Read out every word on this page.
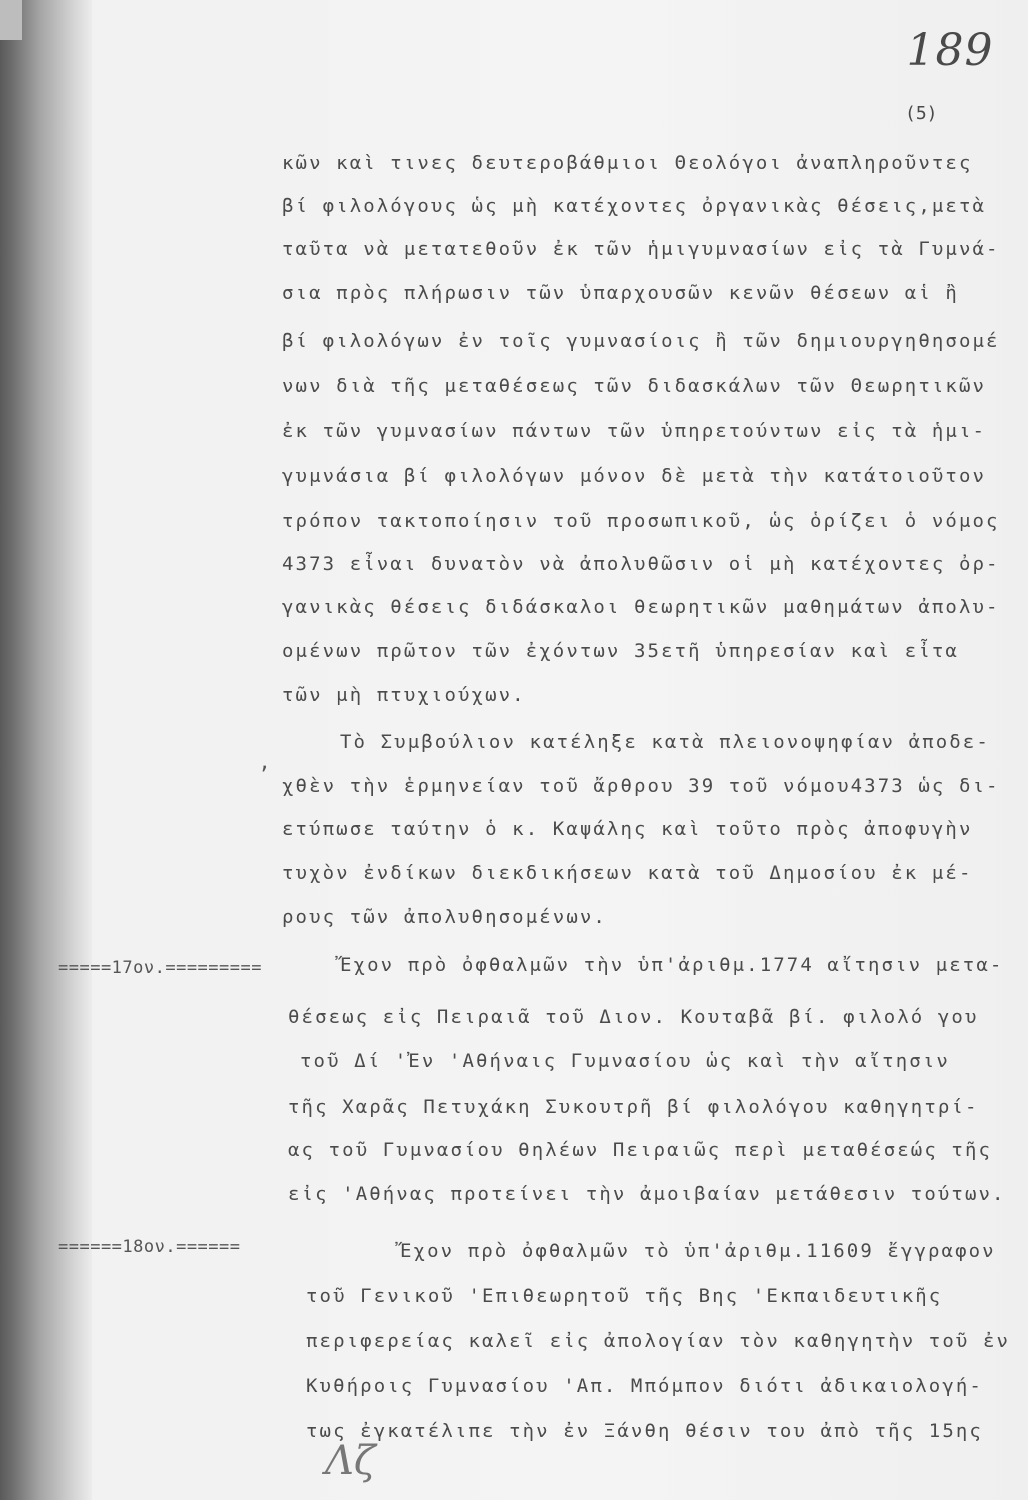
189
(5)
κῶν καὶ τινες δευτεροβάθμιοι Θεολόγοι ἀναπληροῦντες
βί φιλολόγους ὡς μὴ κατέχοντες ὀργανικὰς θέσεις,μετὰ
ταῦτα νὰ μετατεθοῦν ἐκ τῶν ἡμιγυμνασίων εἰς τὰ Γυμνά-
σια πρὸς πλήρωσιν τῶν ὑπαρχουσῶν κενῶν θέσεων αἱ ἢ
βί φιλολόγων ἐν τοῖς γυμνασίοις ἢ τῶν δημιουργηθησομέ
νων διὰ τῆς μεταθέσεως τῶν διδασκάλων τῶν Θεωρητικῶν
ἐκ τῶν γυμνασίων πάντων τῶν ὑπηρετούντων εἰς τὰ ἡμι-
γυμνάσια βί φιλολόγων μόνον δὲ μετὰ τὴν κατάτοιοῦτον
τρόπον τακτοποίησιν τοῦ προσωπικοῦ, ὡς ὁρίζει ὁ νόμος
4373 εἶναι δυνατὸν νὰ ἀπολυθῶσιν οἱ μὴ κατέχοντες ὀρ-
γανικὰς θέσεις διδάσκαλοι θεωρητικῶν μαθημάτων ἀπολυ-
ομένων πρῶτον τῶν ἐχόντων 35ετῆ ὑπηρεσίαν καὶ εἶτα
τῶν μὴ πτυχιούχων.
Τὸ Συμβούλιον κατέληξε κατὰ πλειονοψηφίαν ἀποδε-
ʼ χθὲν τὴν ἑρμηνείαν τοῦ ἄρθρου 39 τοῦ νόμου4373 ὡς δι-
ετύπωσε ταύτην ὁ κ. Καψάλης καὶ τοῦτο πρὸς ἀποφυγὴν
τυχὸν ἐνδίκων διεκδικήσεων κατὰ τοῦ Δημοσίου ἐκ μέ-
ρους τῶν ἀπολυθησομένων.
=====17ον.=========	Ἔχον πρὸ ὀφθαλμῶν τὴν ὑπ'ἀριθμ.1774 αἴτησιν μετα-
θέσεως εἰς Πειραιᾶ τοῦ Διον. Κουταβᾶ βί. φιλολό γου
τοῦ Δί 'Ἐν 'Αθήναις Γυμνασίου ὡς καὶ τὴν αἴτησιν
τῆς Χαρᾶς Πετυχάκη Συκουτρῆ βί φιλολόγου καθηγητρί-
ας τοῦ Γυμνασίου θηλέων Πειραιῶς περὶ μεταθέσεώς τῆς
εἰς 'Αθήνας προτείνει τὴν ἀμοιβαίαν μετάθεσιν τούτων.
======18ον.======	Ἔχον πρὸ ὀφθαλμῶν τὸ ὑπ'ἀριθμ.11609 ἔγγραφον
τοῦ Γενικοῦ 'Επιθεωρητοῦ τῆς Βης 'Εκπαιδευτικῆς
περιφερείας καλεῖ εἰς ἀπολογίαν τὸν καθηγητὴν τοῦ ἐν
Κυθήροις Γυμνασίου 'Απ. Μπόμπον διότι ἀδικαιολογή-
τως ἐγκατέλιπε τὴν ἐν Ξάνθη θέσιν του ἀπὸ τῆς 15ης
Λζ
